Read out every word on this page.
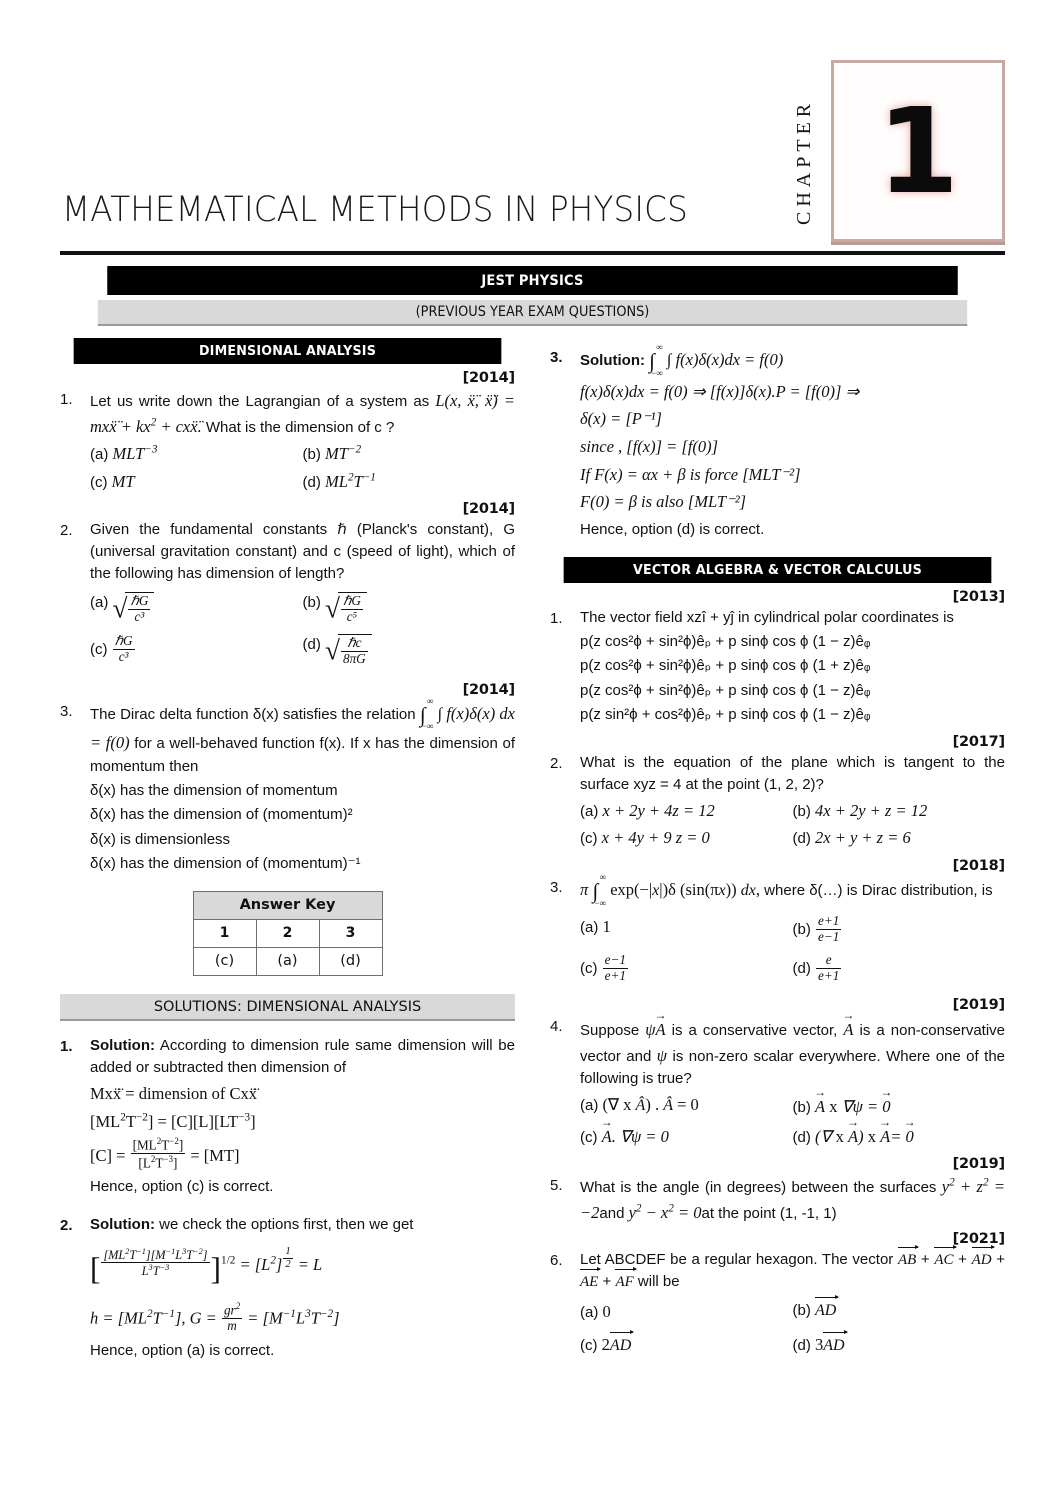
1
CHAPTER
MATHEMATICAL METHODS IN PHYSICS
JEST PHYSICS
(PREVIOUS YEAR EXAM QUESTIONS)
DIMENSIONAL ANALYSIS
[2014]
1.	Let us write down the Lagrangian of a system as L(x, ẍ̈, ẍ̈) = mxẍ̈ + $kx^2$ + cxẍ̈. What is the dimension of c ?
(a) $MLT^{-3}$	(b) $MT^{-2}$
(c) MT	(d) $ML^2T^{-1}$
[2014]
2.	Given the fundamental constants ℏ (Planck's constant), G (universal gravitation constant) and c (speed of light), which of the following has dimension of length?
(a) √ $\frac{\text{ℏG}}{\text{c³}}$	(b) √ $\frac{\text{ℏG}}{\text{c⁵}}$
$(c) \frac{\text{ℏG}}{\text{c³}}$	(d) √ $\frac{\text{ℏc}}{8\pi G}$
[2014]
3.	The Dirac delta function δ(x) satisfies the relation ∫
∞
−∞
∫ f(x)δ(x) dx = f(0) for a well-behaved function f(x). If x has the dimension of momentum then
δ(x) has the dimension of momentum
δ(x) has the dimension of (momentum)²
δ(x) is dimensionless
δ(x) has the dimension of (momentum)⁻¹
Answer Key		
1	2	3
(c)	(a)	(d)
SOLUTIONS: DIMENSIONAL ANALYSIS
1.	Solution: According to dimension rule same dimension will be added or subtracted then dimension of
Mxẍ̈ = dimension of Cxẍ̈
$[ML^2T^{-2}] = [C][L][LT^{-3}]$
$[C] = \frac{[ML^2T^{-2}]}{[L^2T^{-3}]} = [MT]$
Hence, option (c) is correct.
2.	Solution: we check the options first, then we get
[ $\frac{[ML^2T^{-1}][M^{-1}L^3T^{-2}]}{L^3T^{-3}} ]^{1/2} = [L^2]$ $^{\frac{1}{2}}$ = L
$h = [ML^2T^{-1}]$, $G = \frac{gr^2}{m} = [M^{-1}L^3T^{-2}]$
Hence, option (a) is correct.
3.	Solution: ∫
∞
−∞
∫ f(x)δ(x)dx = f(0)
f(x)δ(x)dx = f(0) ⇒ [f(x)]δ(x).P = [f(0)] ⇒
δ(x) = [P⁻¹]
since , [f(x)] = [f(0)]
If F(x) = αx + β is force [MLT⁻²]
F(0) = β is also [MLT⁻²]
Hence, option (d) is correct.
VECTOR ALGEBRA & VECTOR CALCULUS
[2013]
1.	The vector field xzî + yĵ in cylindrical polar coordinates is
p(z cos²ϕ + sin²ϕ)êₚ + p sinϕ cos ϕ (1 − z)êᵩ
p(z cos²ϕ + sin²ϕ)êₚ + p sinϕ cos ϕ (1 + z)êᵩ
p(z cos²ϕ + sin²ϕ)êₚ + p sinϕ cos ϕ (1 − z)êᵩ
p(z sin²ϕ + cos²ϕ)êₚ + p sinϕ cos ϕ (1 − z)êᵩ
[2017]
2.	What is the equation of the plane which is tangent to the surface xyz = 4 at the point (1, 2, 2)?
(a) x + 2y + 4z = 12	(b) 4x + 2y + z = 12
(c) x + 4y + 9 z = 0	(d) 2x + y + z = 6
[2018]
3.	π ∫
∞
−∞
exp(−|x|)δ (sin(πx)) dx, where δ(…) is Dirac distribution, is
(a) 1	$(b) \frac{e+1}{e-1}$
$(c) \frac{e-1}{e+1}$	$(d) \frac{e}{e+1}$
[2019]
4.	Suppose ψA → is a conservative vector, A → is a non-conservative vector and ψ is non-zero scalar everywhere. Where one of the following is true?
(a) (∇ x Â) . Â = 0	(b) A → x ∇ψ = 0 →
(c) A →. ∇ψ = 0	(d) (∇ x A →) x A →= 0 →
[2019]
5.	What is the angle (in degrees) between the surfaces $y^2 + z^2 = -2and$ $y^2 - x^2 = 0at$ the point (1, -1, 1)
[2021]
6.	Let ABCDEF be a regular hexagon. The vector AB + AC + AD + AE + AF will be
(a) 0	(b) AD
(c) 2AD	(d) 3AD
